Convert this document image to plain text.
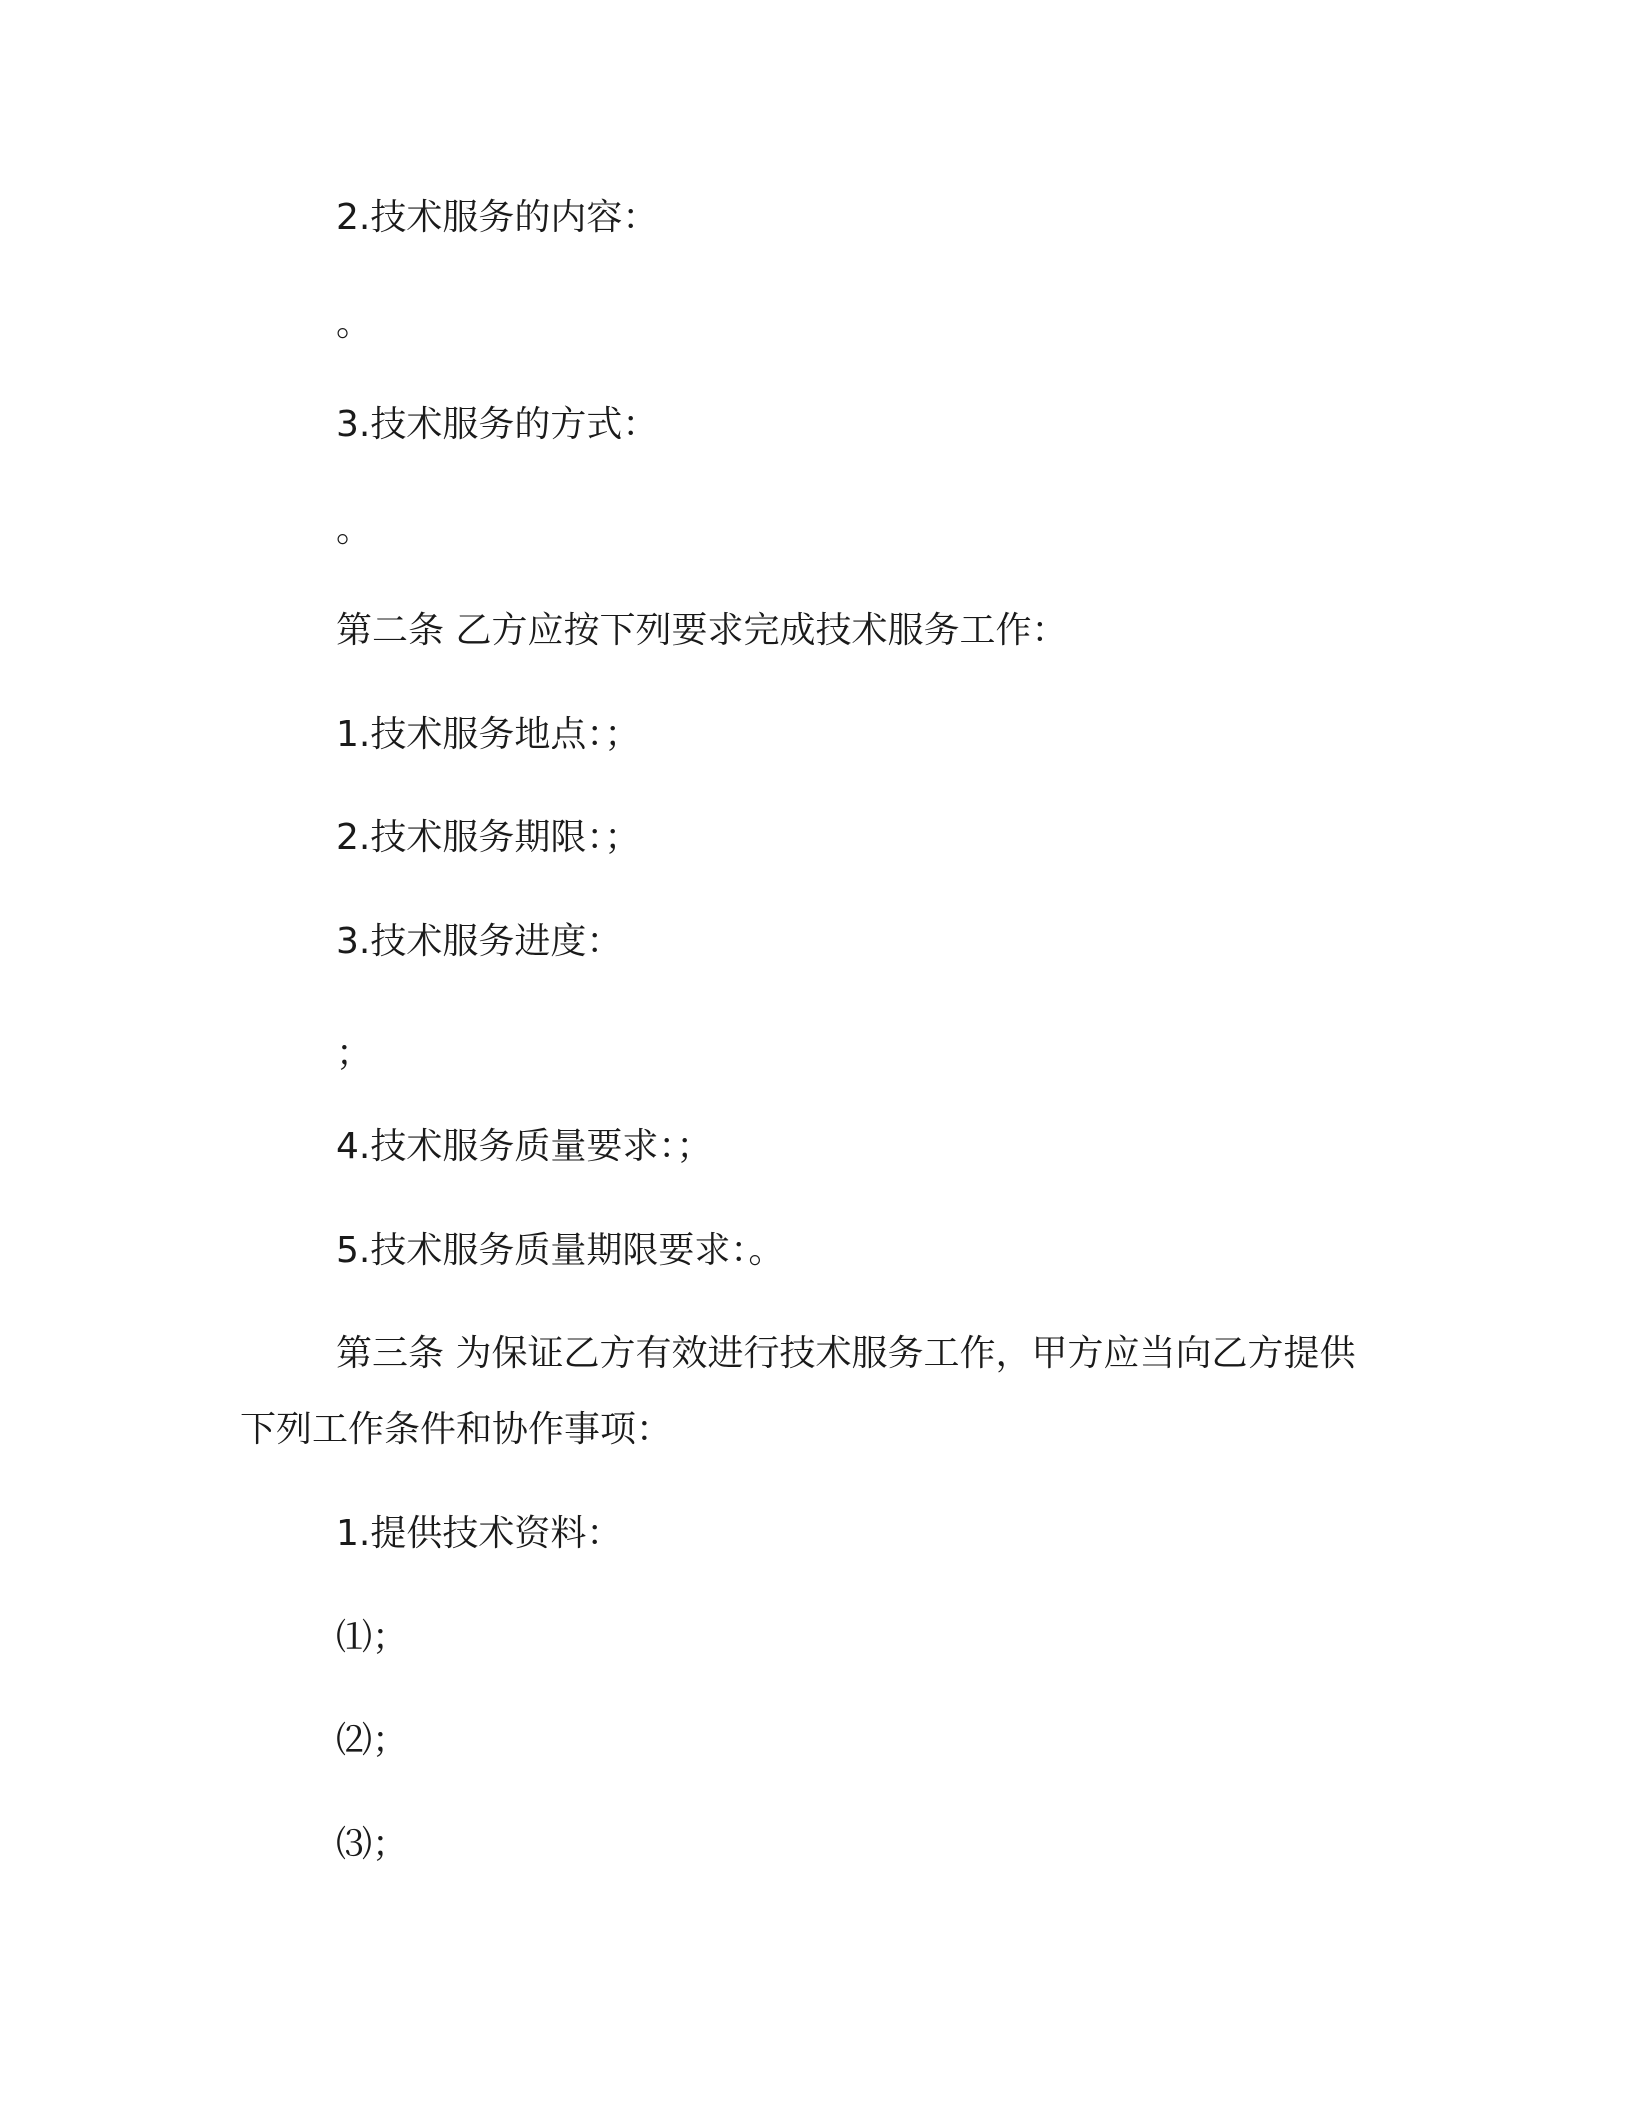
2.技术服务的内容：
。
3.技术服务的方式：
。
第二条 乙方应按下列要求完成技术服务工作：
1.技术服务地点：；
2.技术服务期限：；
3.技术服务进度：
；
4.技术服务质量要求：；
5.技术服务质量期限要求：。
第三条 为保证乙方有效进行技术服务工作，甲方应当向乙方提供下列工作条件和协作事项：
1.提供技术资料：
⑴；
⑵；
⑶；
